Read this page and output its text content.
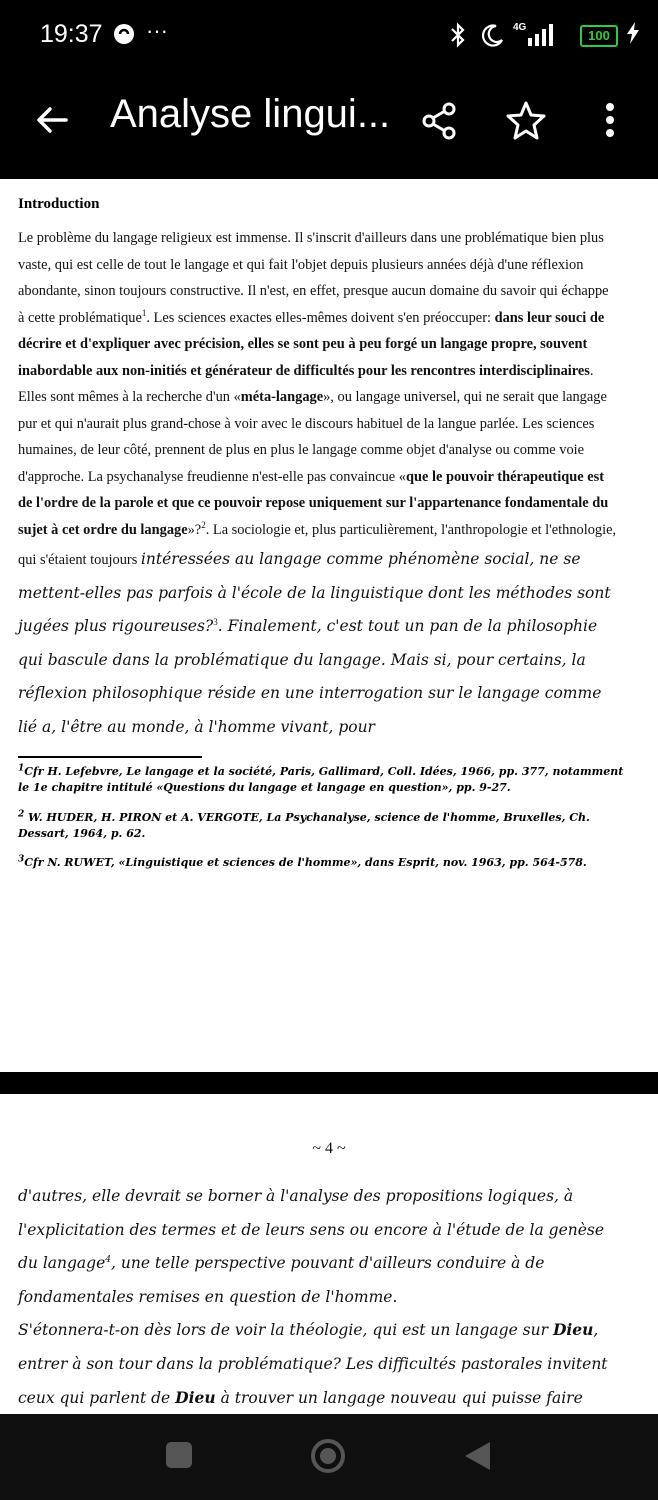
19:37 ···	4G
100
Analyse lingui...
Introduction
Le problème du langage religieux est immense. Il s'inscrit d'ailleurs dans une problématique bien plus vaste, qui est celle de tout le langage et qui fait l'objet depuis plusieurs années déjà d'une réflexion abondante, sinon toujours constructive. Il n'est, en effet, presque aucun domaine du savoir qui échappe à cette problématique$^1$. Les sciences exactes elles-mêmes doivent s'en préoccuper: dans leur souci de décrire et d'expliquer avec précision, elles se sont peu à peu forgé un langage propre, souvent inabordable aux non-initiés et générateur de difficultés pour les rencontres interdisciplinaires. Elles sont mêmes à la recherche d'un «méta-langage», ou langage universel, qui ne serait que langage pur et qui n'aurait plus grand-chose à voir avec le discours habituel de la langue parlée. Les sciences humaines, de leur côté, prennent de plus en plus le langage comme objet d'analyse ou comme voie d'approche. La psychanalyse freudienne n'est-elle pas convaincue «que le pouvoir thérapeutique est de l'ordre de la parole et que ce pouvoir repose uniquement sur l'appartenance fondamentale du sujet à cet ordre du langage»?$^2$. La sociologie et, plus particulièrement, l'anthropologie et l'ethnologie, qui s'étaient toujours intéressées au langage comme phénomène social, ne se mettent-elles pas parfois à l'école de la linguistique dont les méthodes sont jugées plus rigoureuses?$^3$. Finalement, c'est tout un pan de la philosophie qui bascule dans la problématique du langage. Mais si, pour certains, la réflexion philosophique réside en une interrogation sur le langage comme lié a, l'être au monde, à l'homme vivant, pour
$^1$Cfr H. Lefebvre, Le langage et la société, Paris, Gallimard, Coll. Idées, 1966, pp. 377, notamment le 1e chapitre intitulé «Questions du langage et langage en question», pp. 9-27.
$^2$ W. HUDER, H. PIRON et A. VERGOTE, La Psychanalyse, science de l'homme, Bruxelles, Ch. Dessart, 1964, p. 62.
$^3$Cfr N. RUWET, «Linguistique et sciences de l'homme», dans Esprit, nov. 1963, pp. 564-578.
~ 4 ~
d'autres, elle devrait se borner à l'analyse des propositions logiques, à l'explicitation des termes et de leurs sens ou encore à l'étude de la genèse du langage$^4$, une telle perspective pouvant d'ailleurs conduire à de fondamentales remises en question de l'homme.
S'étonnera-t-on dès lors de voir la théologie, qui est un langage sur Dieu, entrer à son tour dans la problématique? Les difficultés pastorales invitent ceux qui parlent de Dieu à trouver un langage nouveau qui puisse faire
